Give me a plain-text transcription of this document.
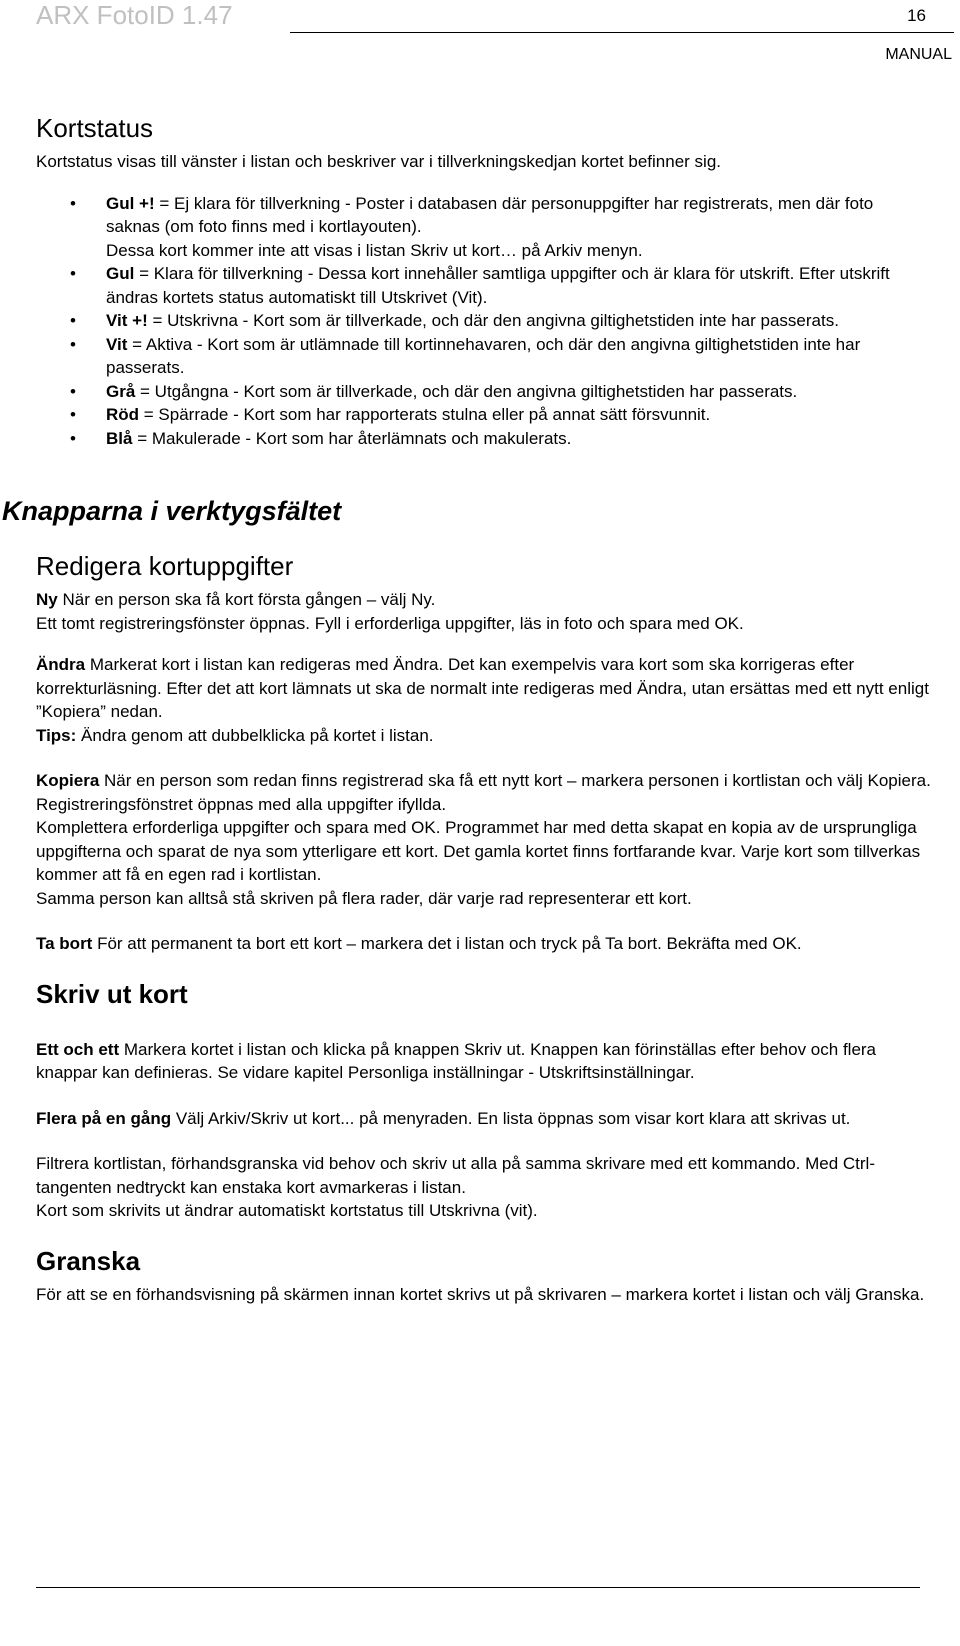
ARX FotoID 1.47	16
MANUAL
Kortstatus

Kortstatus visas till vänster i listan och beskriver var i tillverkningskedjan kortet befinner sig.

• Gul +! = Ej klara för tillverkning - Poster i databasen där personuppgifter har registrerats, men där foto saknas (om foto finns med i kortlayouten).
Dessa kort kommer inte att visas i listan Skriv ut kort… på Arkiv menyn.
• Gul = Klara för tillverkning - Dessa kort innehåller samtliga uppgifter och är klara för utskrift. Efter utskrift ändras kortets status automatiskt till Utskrivet (Vit).
• Vit +! = Utskrivna - Kort som är tillverkade, och där den angivna giltighetstiden inte har passerats.
• Vit = Aktiva - Kort som är utlämnade till kortinnehavaren, och där den angivna giltighetstiden inte har passerats.
• Grå = Utgångna - Kort som är tillverkade, och där den angivna giltighetstiden har passerats.
• Röd = Spärrade - Kort som har rapporterats stulna eller på annat sätt försvunnit.
• Blå = Makulerade - Kort som har återlämnats och makulerats.
Knapparna i verktygsfältet
Redigera kortuppgifter

Ny När en person ska få kort första gången – välj Ny.
Ett tomt registreringsfönster öppnas. Fyll i erforderliga uppgifter, läs in foto och spara med OK.

Ändra Markerat kort i listan kan redigeras med Ändra. Det kan exempelvis vara kort som ska korrigeras efter korrekturläsning. Efter det att kort lämnats ut ska de normalt inte redigeras med Ändra, utan ersättas med ett nytt enligt ”Kopiera” nedan.
Tips: Ändra genom att dubbelklicka på kortet i listan.

Kopiera När en person som redan finns registrerad ska få ett nytt kort – markera personen i kortlistan och välj Kopiera. Registreringsfönstret öppnas med alla uppgifter ifyllda.
Komplettera erforderliga uppgifter och spara med OK. Programmet har med detta skapat en kopia av de ursprungliga uppgifterna och sparat de nya som ytterligare ett kort. Det gamla kortet finns fortfarande kvar. Varje kort som tillverkas kommer att få en egen rad i kortlistan.
Samma person kan alltså stå skriven på flera rader, där varje rad representerar ett kort.

Ta bort För att permanent ta bort ett kort – markera det i listan och tryck på Ta bort. Bekräfta med OK.

Skriv ut kort

Ett och ett Markera kortet i listan och klicka på knappen Skriv ut. Knappen kan förinställas efter behov och flera knappar kan definieras. Se vidare kapitel Personliga inställningar - Utskriftsinställningar.

Flera på en gång Välj Arkiv/Skriv ut kort... på menyraden. En lista öppnas som visar kort klara att skrivas ut.

Filtrera kortlistan, förhandsgranska vid behov och skriv ut alla på samma skrivare med ett kommando. Med Ctrl-tangenten nedtryckt kan enstaka kort avmarkeras i listan.
Kort som skrivits ut ändrar automatiskt kortstatus till Utskrivna (vit).

Granska

För att se en förhandsvisning på skärmen innan kortet skrivs ut på skrivaren – markera kortet i listan och välj Granska.
